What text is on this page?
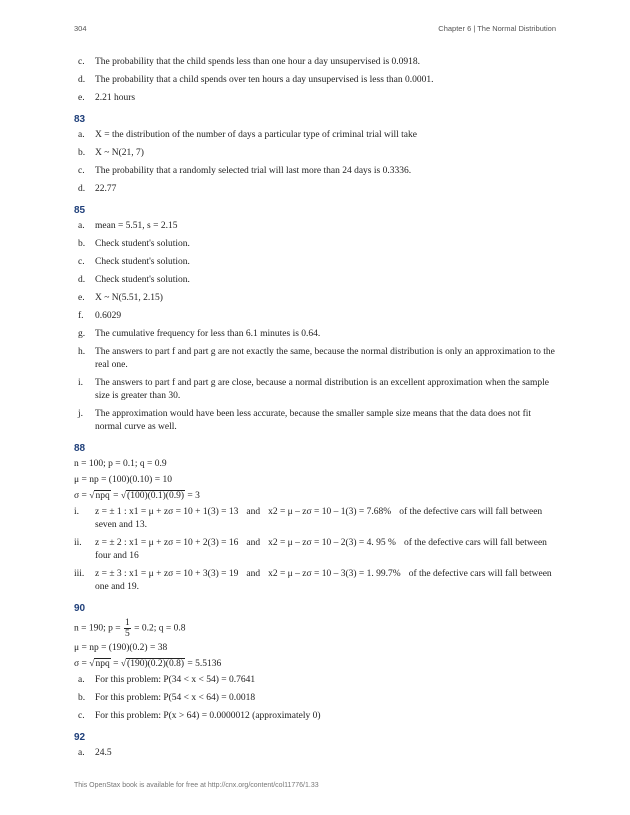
304	Chapter 6 | The Normal Distribution
c.	The probability that the child spends less than one hour a day unsupervised is 0.0918.
d.	The probability that a child spends over ten hours a day unsupervised is less than 0.0001.
e.	2.21 hours
83
a.	X = the distribution of the number of days a particular type of criminal trial will take
b.	X ~ N(21, 7)
c.	The probability that a randomly selected trial will last more than 24 days is 0.3336.
d.	22.77
85
a.	mean = 5.51, s = 2.15
b.	Check student's solution.
c.	Check student's solution.
d.	Check student's solution.
e.	X ~ N(5.51, 2.15)
f.	0.6029
g.	The cumulative frequency for less than 6.1 minutes is 0.64.
h.	The answers to part f and part g are not exactly the same, because the normal distribution is only an approximation to the real one.
i.	The answers to part f and part g are close, because a normal distribution is an excellent approximation when the sample size is greater than 30.
j.	The approximation would have been less accurate, because the smaller sample size means that the data does not fit normal curve as well.
88
n = 100; p = 0.1; q = 0.9
μ = np = (100)(0.10) = 10
σ = √npq = √(100)(0.1)(0.9) = 3
i.	z = ± 1 : x1 = μ + zσ = 10 + 1(3) = 13 and x2 = μ – zσ = 10 – 1(3) = 7.68% of the defective cars will fall between seven and 13.
ii.	z = ± 2 : x1 = μ + zσ = 10 + 2(3) = 16 and x2 = μ – zσ = 10 – 2(3) = 4. 95 % of the defective cars will fall between four and 16
iii.	z = ± 3 : x1 = μ + zσ = 10 + 3(3) = 19 and x2 = μ – zσ = 10 – 3(3) = 1. 99.7% of the defective cars will fall between one and 19.
90
n = 190; $p = \frac{1}{5} = 0.2$; q = 0.8
μ = np = (190)(0.2) = 38
σ = √npq = √(190)(0.2)(0.8) = 5.5136
a.	For this problem: P(34 < x < 54) = 0.7641
b.	For this problem: P(54 < x < 64) = 0.0018
c.	For this problem: P(x > 64) = 0.0000012 (approximately 0)
92
a.	24.5
This OpenStax book is available for free at http://cnx.org/content/col11776/1.33
